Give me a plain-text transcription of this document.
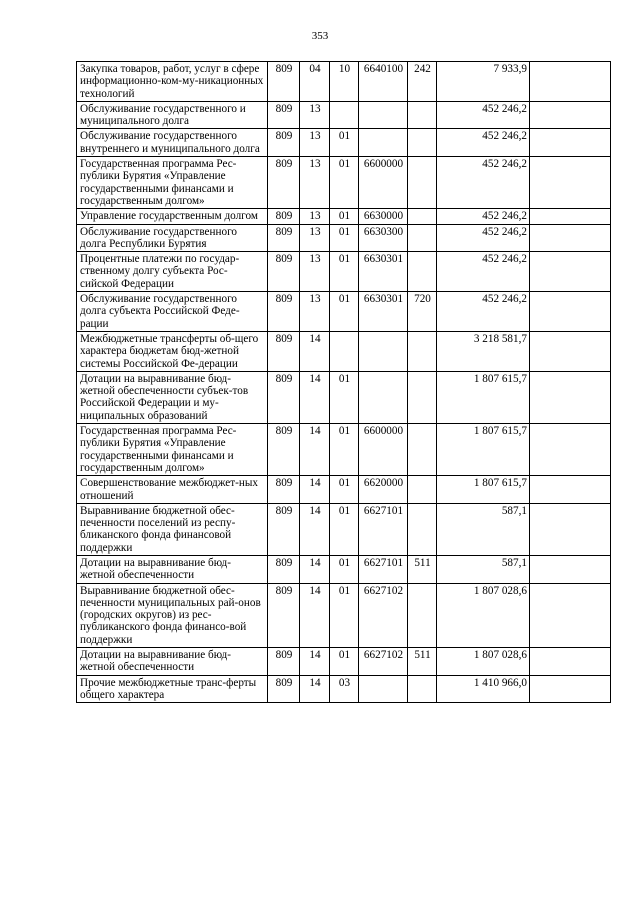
353
Закупка товаров, работ, услуг в сфере информационно-ком-му-никационных технологий	809	04	10	6640100	242	7 933,9	
Обслуживание государственного и муниципального долга	809	13				452 246,2	
Обслуживание государственного внутреннего и муниципального долга	809	13	01			452 246,2	
Государственная программа Рес-публики Бурятия «Управление государственными финансами и государственным долгом»	809	13	01	6600000		452 246,2	
Управление государственным долгом	809	13	01	6630000		452 246,2	
Обслуживание государственного долга Республики Бурятия	809	13	01	6630300		452 246,2	
Процентные платежи по государ-ственному долгу субъекта Рос-сийской Федерации	809	13	01	6630301		452 246,2	
Обслуживание государственного долга субъекта Российской Феде-рации	809	13	01	6630301	720	452 246,2	
Межбюджетные трансферты об-щего характера бюджетам бюд-жетной системы Российской Фе-дерации	809	14				3 218 581,7	
Дотации на выравнивание бюд-жетной обеспеченности субъек-тов Российской Федерации и му-ниципальных образований	809	14	01			1 807 615,7	
Государственная программа Рес-публики Бурятия «Управление государственными финансами и государственным долгом»	809	14	01	6600000		1 807 615,7	
Совершенствование межбюджет-ных отношений	809	14	01	6620000		1 807 615,7	
Выравнивание бюджетной обес-печенности поселений из респу-бликанского фонда финансовой поддержки	809	14	01	6627101		587,1	
Дотации на выравнивание бюд-жетной обеспеченности	809	14	01	6627101	511	587,1	
Выравнивание бюджетной обес-печенности муниципальных рай-онов (городских округов) из рес-публиканского фонда финансо-вой поддержки	809	14	01	6627102		1 807 028,6	
Дотации на выравнивание бюд-жетной обеспеченности	809	14	01	6627102	511	1 807 028,6	
Прочие межбюджетные транс-ферты общего характера	809	14	03			1 410 966,0	
